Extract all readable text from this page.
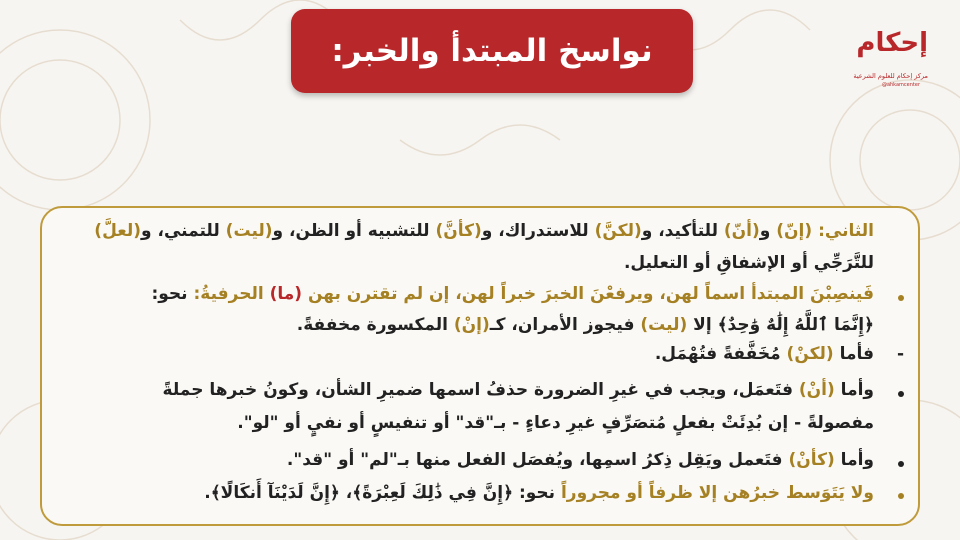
نواسخ المبتدأ والخبر:	إحكام
مركز إحكام للعلوم الشرعية
@ahkamcenter
الثاني: (إنّ) و(أنّ) للتأكيد، و(لكنَّ) للاستدراك، و(كأنَّ) للتشبيه أو الظن، و(ليت) للتمني، و(لعلَّ)
للتَّرَجِّي أو الإشفاقِ أو التعليل.
فَينصِبْنَ المبتدأ اسماً لهن، ويرفعْنَ الخبرَ خبراً لهن، إن لم تقترن بهن (ما) الحرفيةُ: نحو:
﴿إِنَّمَا ٱللَّهُ إِلَٰهٌ وَٰحِدٌ﴾ إلا (ليت) فيجوز الأمران، كـ(إنْ) المكسورة مخففةً.
-
فأما (لكنْ) مُخَفَّفةً فتُهْمَل.
وأما (أنْ) فتَعمَل، ويجب في غيرِ الضرورة حذفُ اسمها ضميرِ الشأن، وكونُ خبرها جملةً
مفصولةً - إن بُدِئَتْ بفعلٍ مُتصَرِّفٍ غيرِ دعاءٍ - بـ"قد" أو تنفيسٍ أو نفيٍ أو "لو".
وأما (كأنْ) فتَعمل ويَقِل ذِكرُ اسمِها، ويُفصَل الفعل منها بـ"لم" أو "قد".
ولا يَتَوَسط خبرُهن إلا ظرفاً أو مجروراً نحو: ﴿إِنَّ فِي ذَٰلِكَ لَعِبْرَةً﴾، ﴿إِنَّ لَدَيْنَآ أَنكَالًا﴾.
